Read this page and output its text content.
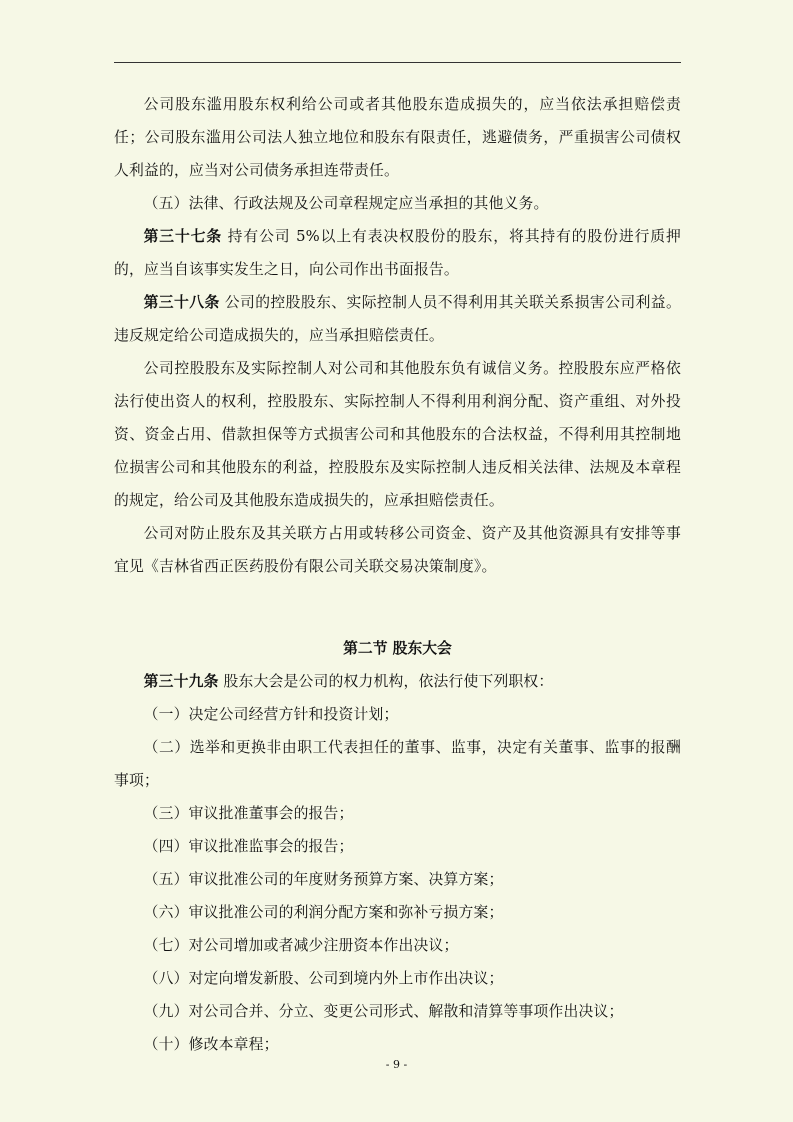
公司股东滥用股东权利给公司或者其他股东造成损失的，应当依法承担赔偿责任；公司股东滥用公司法人独立地位和股东有限责任，逃避债务，严重损害公司债权人利益的，应当对公司债务承担连带责任。

（五）法律、行政法规及公司章程规定应当承担的其他义务。

第三十七条 持有公司 5%以上有表决权股份的股东，将其持有的股份进行质押的，应当自该事实发生之日，向公司作出书面报告。

第三十八条 公司的控股股东、实际控制人员不得利用其关联关系损害公司利益。违反规定给公司造成损失的，应当承担赔偿责任。

公司控股股东及实际控制人对公司和其他股东负有诚信义务。控股股东应严格依法行使出资人的权利，控股股东、实际控制人不得利用利润分配、资产重组、对外投资、资金占用、借款担保等方式损害公司和其他股东的合法权益，不得利用其控制地位损害公司和其他股东的利益，控股股东及实际控制人违反相关法律、法规及本章程的规定，给公司及其他股东造成损失的，应承担赔偿责任。

公司对防止股东及其关联方占用或转移公司资金、资产及其他资源具有安排等事宜见《吉林省西正医药股份有限公司关联交易决策制度》。

第二节 股东大会

第三十九条 股东大会是公司的权力机构，依法行使下列职权：

（一）决定公司经营方针和投资计划；

（二）选举和更换非由职工代表担任的董事、监事，决定有关董事、监事的报酬事项；

（三）审议批准董事会的报告；

（四）审议批准监事会的报告；

（五）审议批准公司的年度财务预算方案、决算方案；

（六）审议批准公司的利润分配方案和弥补亏损方案；

（七）对公司增加或者减少注册资本作出决议；

（八）对定向增发新股、公司到境内外上市作出决议；

（九）对公司合并、分立、变更公司形式、解散和清算等事项作出决议；

（十）修改本章程；

- 9 -
